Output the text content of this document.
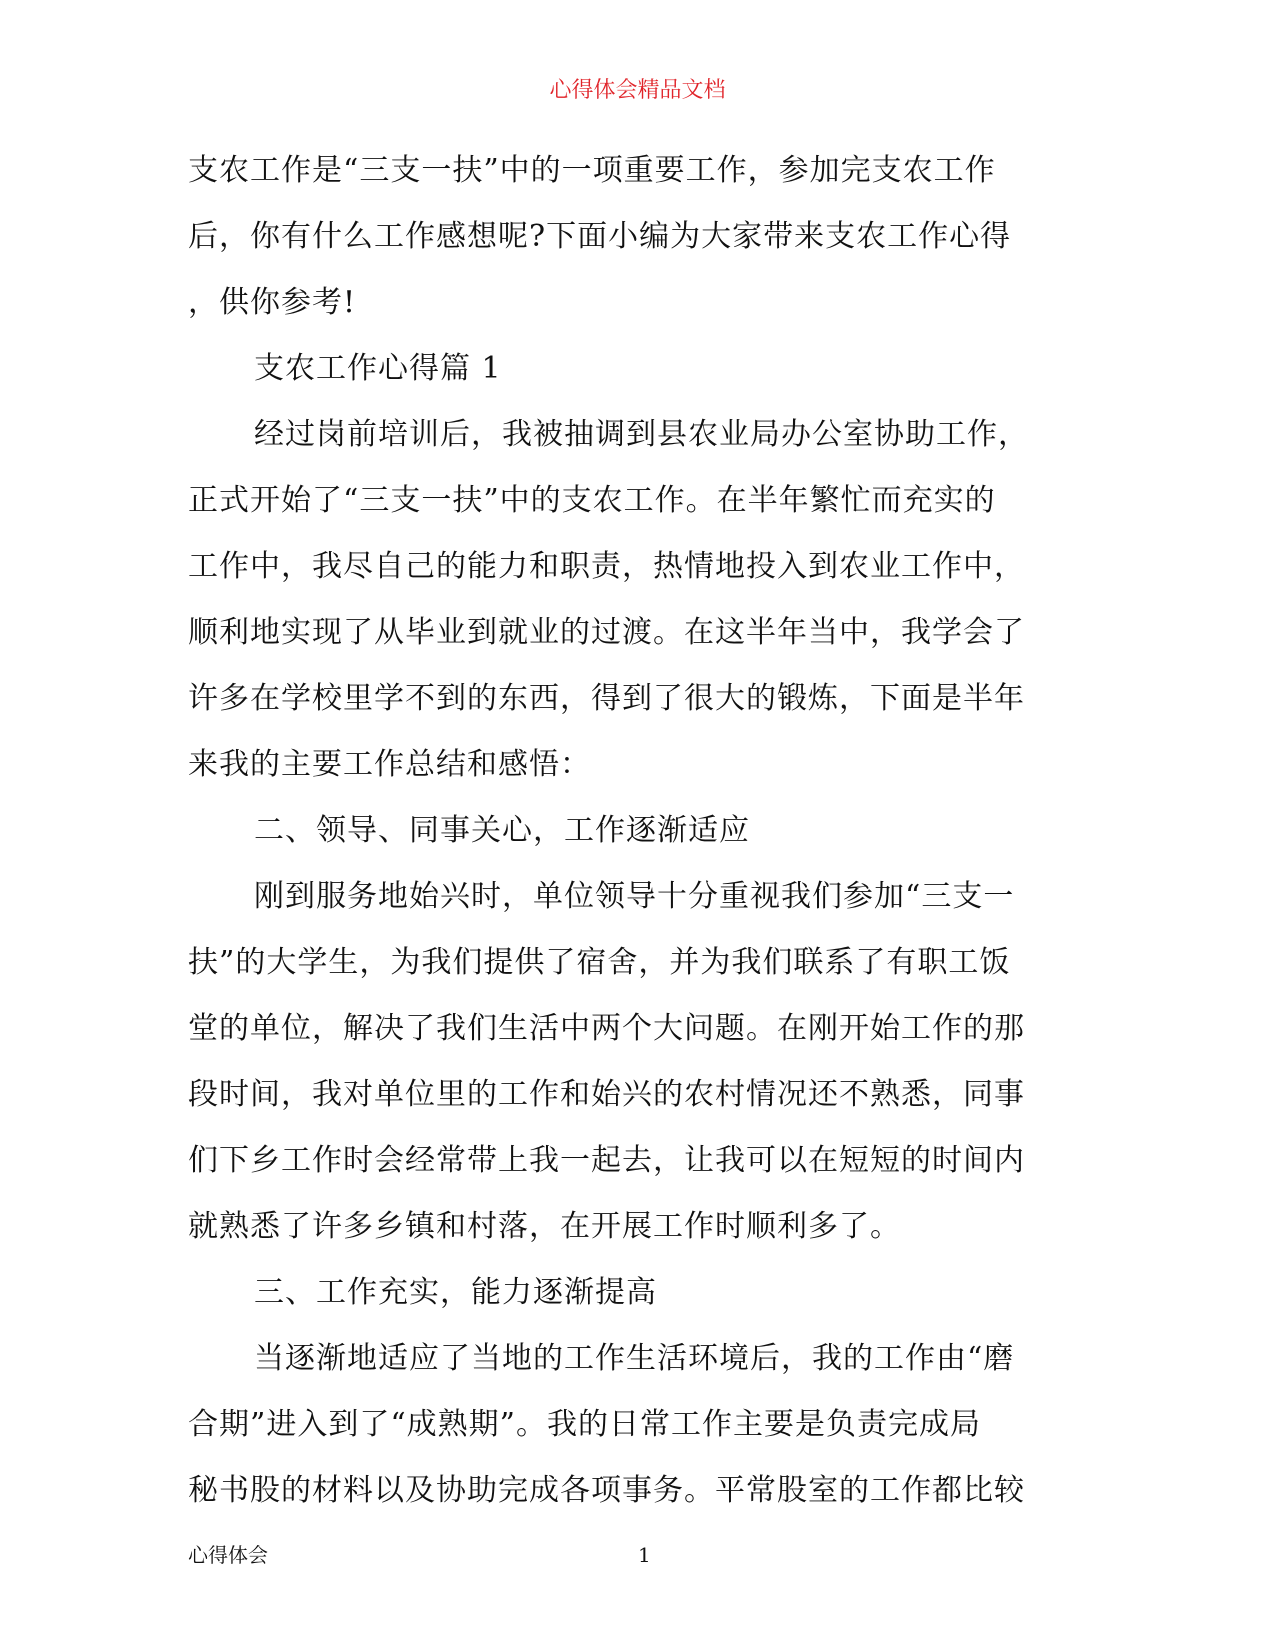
心得体会精品文档
支农工作是“三支一扶”中的一项重要工作，参加完支农工作
后，你有什么工作感想呢?下面小编为大家带来支农工作心得
，供你参考!
支农工作心得篇 1
经过岗前培训后，我被抽调到县农业局办公室协助工作，
正式开始了“三支一扶”中的支农工作。在半年繁忙而充实的
工作中，我尽自己的能力和职责，热情地投入到农业工作中，
顺利地实现了从毕业到就业的过渡。在这半年当中，我学会了
许多在学校里学不到的东西，得到了很大的锻炼，下面是半年
来我的主要工作总结和感悟：
二、领导、同事关心，工作逐渐适应
刚到服务地始兴时，单位领导十分重视我们参加“三支一
扶”的大学生，为我们提供了宿舍，并为我们联系了有职工饭
堂的单位，解决了我们生活中两个大问题。在刚开始工作的那
段时间，我对单位里的工作和始兴的农村情况还不熟悉，同事
们下乡工作时会经常带上我一起去，让我可以在短短的时间内
就熟悉了许多乡镇和村落，在开展工作时顺利多了。
三、工作充实，能力逐渐提高
当逐渐地适应了当地的工作生活环境后，我的工作由“磨
合期”进入到了“成熟期”。我的日常工作主要是负责完成局
秘书股的材料以及协助完成各项事务。平常股室的工作都比较
心得体会	1
